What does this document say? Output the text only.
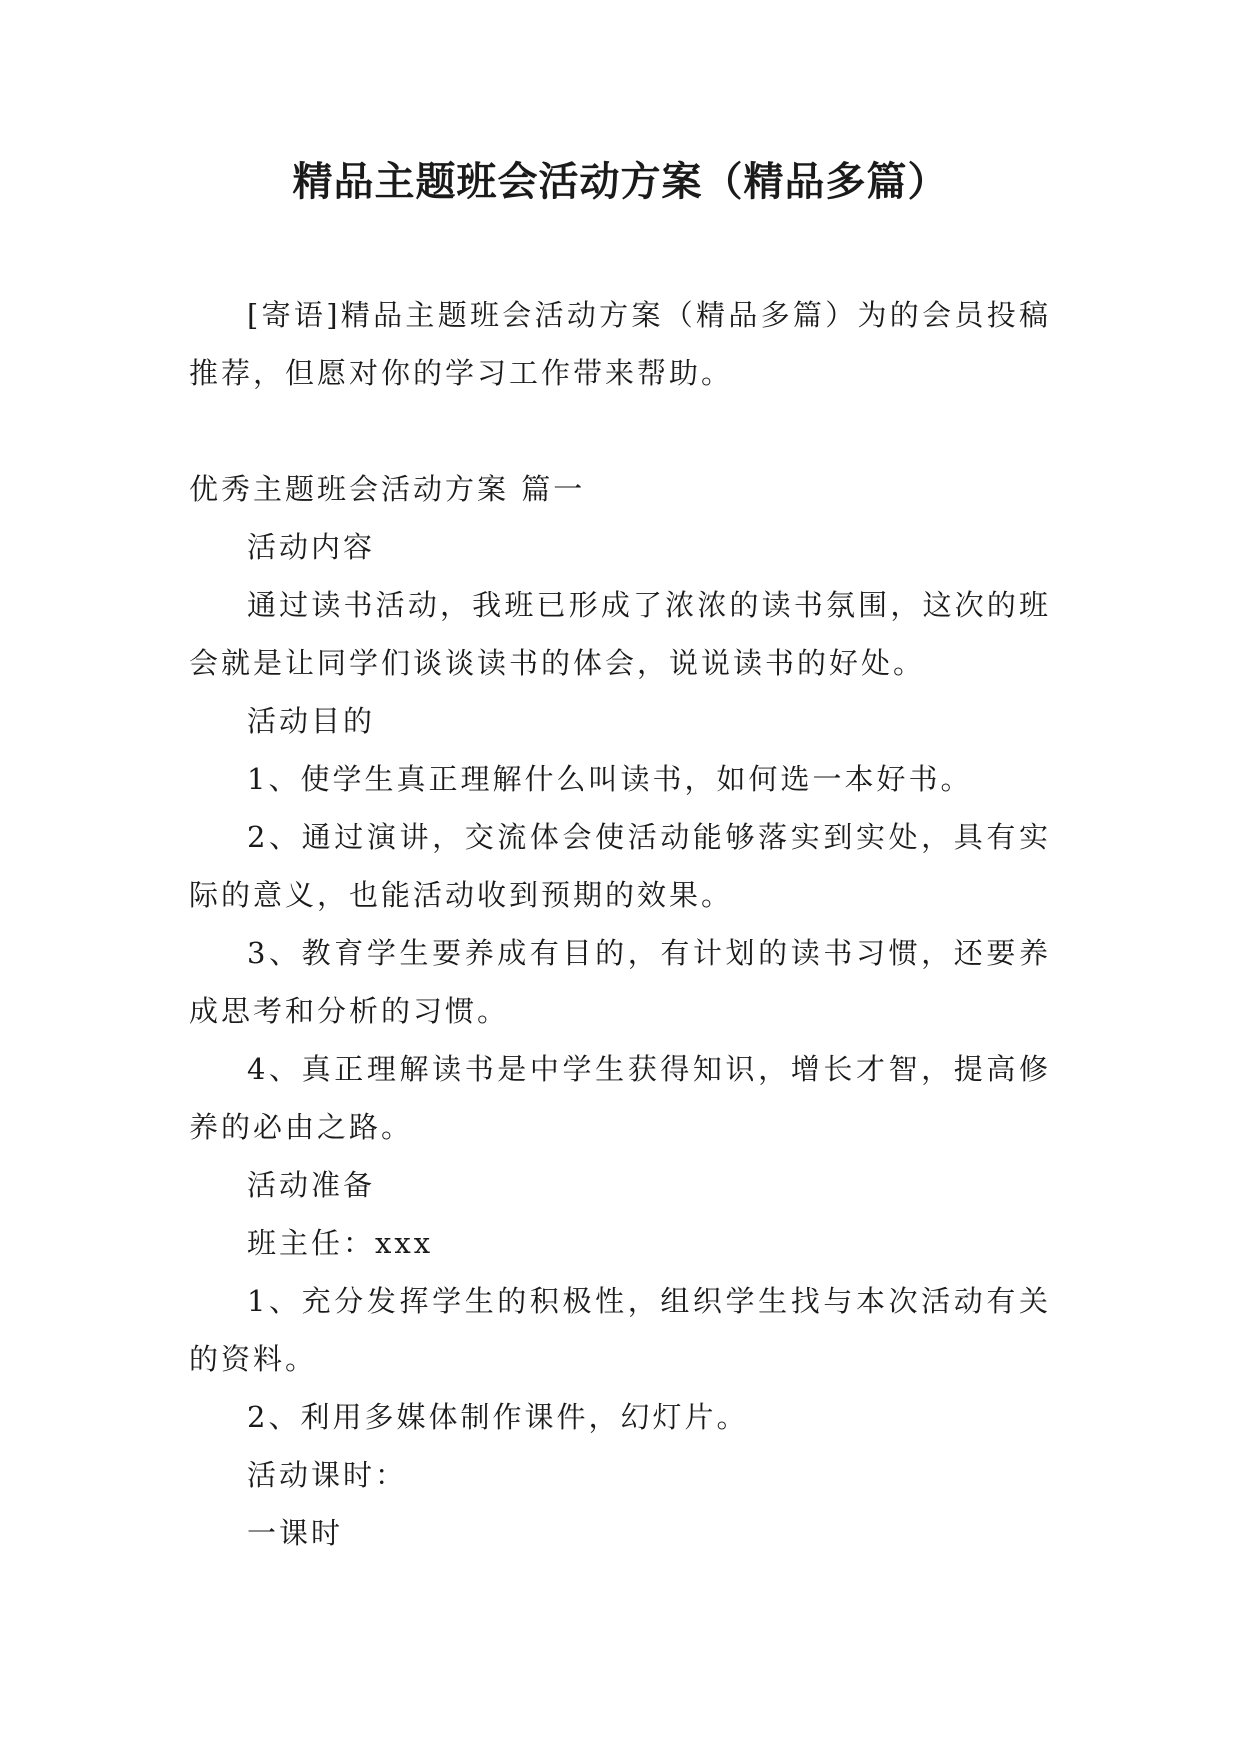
精品主题班会活动方案（精品多篇）

[寄语]精品主题班会活动方案（精品多篇）为的会员投稿推荐，但愿对你的学习工作带来帮助。

优秀主题班会活动方案 篇一

活动内容

通过读书活动，我班已形成了浓浓的读书氛围，这次的班会就是让同学们谈谈读书的体会，说说读书的好处。

活动目的

1、使学生真正理解什么叫读书，如何选一本好书。

2、通过演讲，交流体会使活动能够落实到实处，具有实际的意义，也能活动收到预期的效果。

3、教育学生要养成有目的，有计划的读书习惯，还要养成思考和分析的习惯。

4、真正理解读书是中学生获得知识，增长才智，提高修养的必由之路。

活动准备

班主任：xxx

1、充分发挥学生的积极性，组织学生找与本次活动有关的资料。

2、利用多媒体制作课件，幻灯片。

活动课时：

一课时
